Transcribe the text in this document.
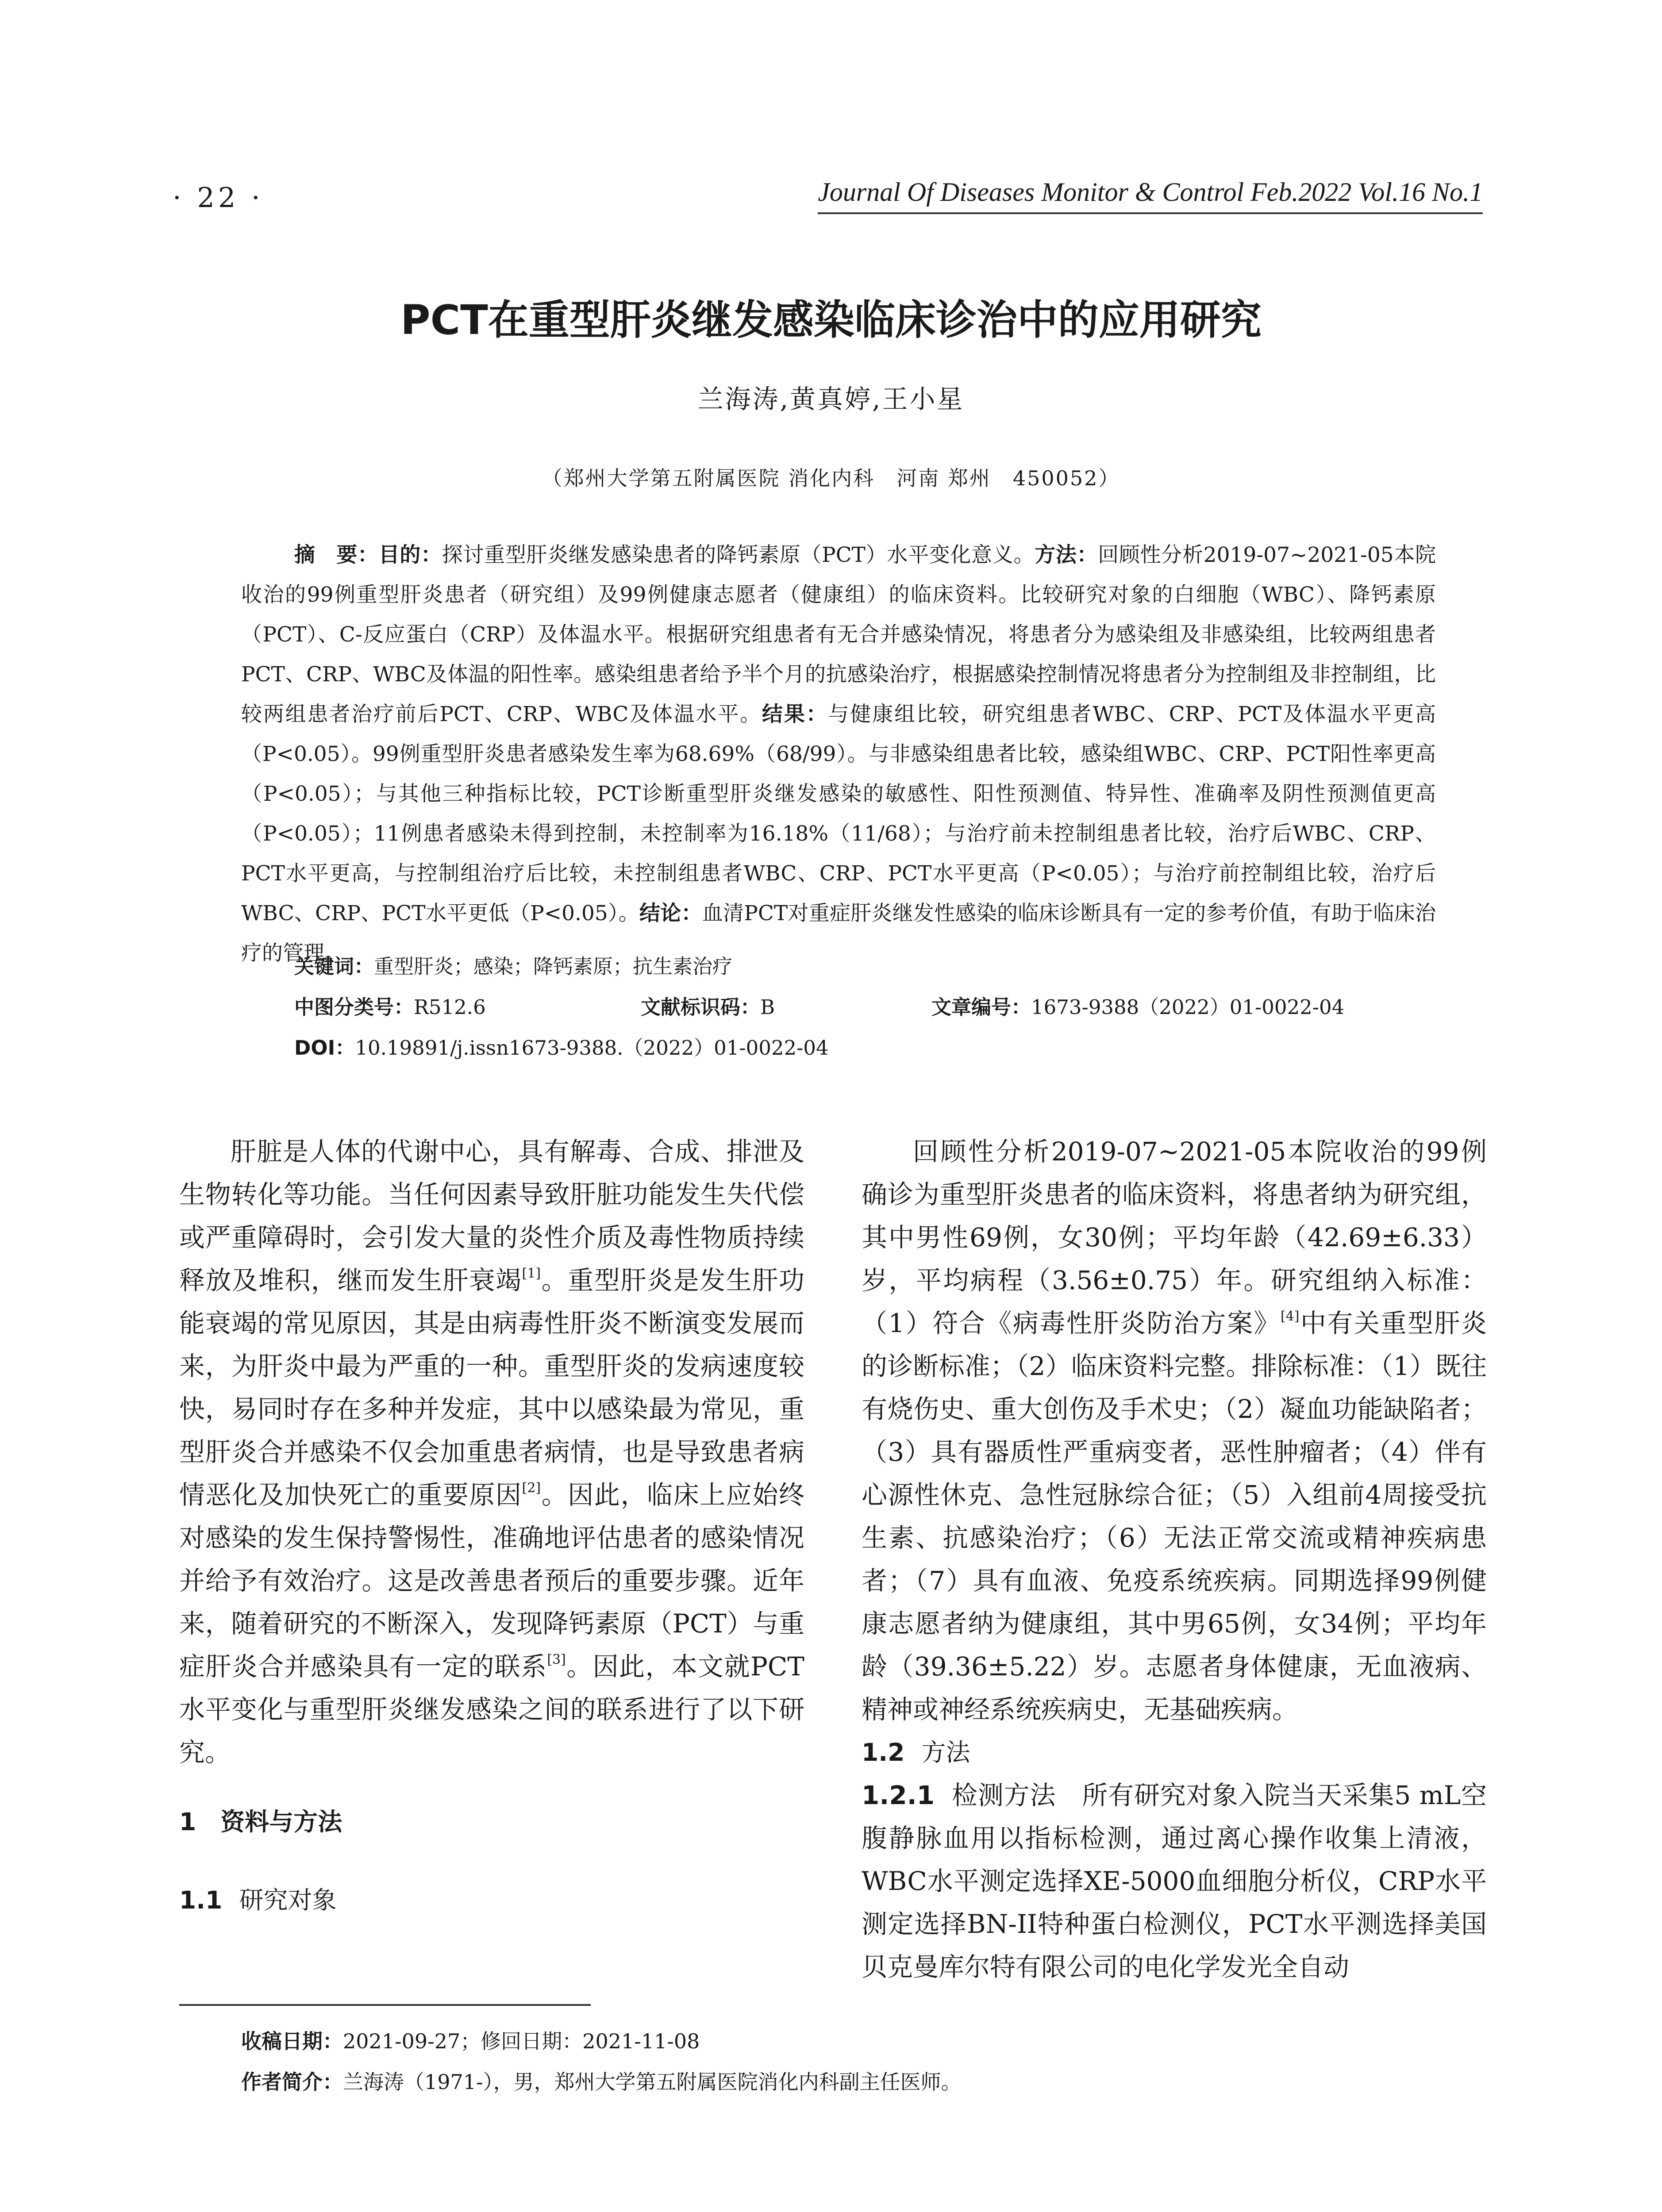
· 22 ·	Journal Of Diseases Monitor & Control Feb.2022 Vol.16 No.1
PCT在重型肝炎继发感染临床诊治中的应用研究
兰海涛,黄真婷,王小星
（郑州大学第五附属医院 消化内科　河南 郑州　450052）

摘　要：目的：探讨重型肝炎继发感染患者的降钙素原（PCT）水平变化意义。方法：回顾性分析2019-07~2021-05本院收治的99例重型肝炎患者（研究组）及99例健康志愿者（健康组）的临床资料。比较研究对象的白细胞（WBC）、降钙素原（PCT）、C-反应蛋白（CRP）及体温水平。根据研究组患者有无合并感染情况，将患者分为感染组及非感染组，比较两组患者PCT、CRP、WBC及体温的阳性率。感染组患者给予半个月的抗感染治疗，根据感染控制情况将患者分为控制组及非控制组，比较两组患者治疗前后PCT、CRP、WBC及体温水平。结果：与健康组比较，研究组患者WBC、CRP、PCT及体温水平更高（P<0.05）。99例重型肝炎患者感染发生率为68.69%（68/99）。与非感染组患者比较，感染组WBC、CRP、PCT阳性率更高（P<0.05）；与其他三种指标比较，PCT诊断重型肝炎继发感染的敏感性、阳性预测值、特异性、准确率及阴性预测值更高（P<0.05）；11例患者感染未得到控制，未控制率为16.18%（11/68）；与治疗前未控制组患者比较，治疗后WBC、CRP、PCT水平更高，与控制组治疗后比较，未控制组患者WBC、CRP、PCT水平更高（P<0.05）；与治疗前控制组比较，治疗后WBC、CRP、PCT水平更低（P<0.05）。结论：血清PCT对重症肝炎继发性感染的临床诊断具有一定的参考价值，有助于临床治疗的管理。

关键词：重型肝炎；感染；降钙素原；抗生素治疗
中图分类号：R512.6	文献标识码：B	文章编号：1673-9388（2022）01-0022-04
DOI：10.19891/j.issn1673-9388.（2022）01-0022-04

肝脏是人体的代谢中心，具有解毒、合成、排泄及生物转化等功能。当任何因素导致肝脏功能发生失代偿或严重障碍时，会引发大量的炎性介质及毒性物质持续释放及堆积，继而发生肝衰竭[1]。重型肝炎是发生肝功能衰竭的常见原因，其是由病毒性肝炎不断演变发展而来，为肝炎中最为严重的一种。重型肝炎的发病速度较快，易同时存在多种并发症，其中以感染最为常见，重型肝炎合并感染不仅会加重患者病情，也是导致患者病情恶化及加快死亡的重要原因[2]。因此，临床上应始终对感染的发生保持警惕性，准确地评估患者的感染情况并给予有效治疗。这是改善患者预后的重要步骤。近年来，随着研究的不断深入，发现降钙素原（PCT）与重症肝炎合并感染具有一定的联系[3]。因此，本文就PCT水平变化与重型肝炎继发感染之间的联系进行了以下研究。

1　资料与方法

1.1 研究对象

回顾性分析2019-07~2021-05本院收治的99例确诊为重型肝炎患者的临床资料，将患者纳为研究组，其中男性69例，女30例；平均年龄（42.69±6.33）岁，平均病程（3.56±0.75）年。研究组纳入标准：（1）符合《病毒性肝炎防治方案》[4]中有关重型肝炎的诊断标准；（2）临床资料完整。排除标准：（1）既往有烧伤史、重大创伤及手术史；（2）凝血功能缺陷者；（3）具有器质性严重病变者，恶性肿瘤者；（4）伴有心源性休克、急性冠脉综合征；（5）入组前4周接受抗生素、抗感染治疗；（6）无法正常交流或精神疾病患者；（7）具有血液、免疫系统疾病。同期选择99例健康志愿者纳为健康组，其中男65例，女34例；平均年龄（39.36±5.22）岁。志愿者身体健康，无血液病、精神或神经系统疾病史，无基础疾病。

1.2 方法

1.2.1 检测方法　 所有研究对象入院当天采集5 mL空腹静脉血用以指标检测，通过离心操作收集上清液，WBC水平测定选择XE-5000血细胞分析仪，CRP水平测定选择BN-II特种蛋白检测仪，PCT水平测选择美国贝克曼库尔特有限公司的电化学发光全自动

收稿日期：2021-09-27；修回日期：2021-11-08
作者简介：兰海涛（1971-），男，郑州大学第五附属医院消化内科副主任医师。
